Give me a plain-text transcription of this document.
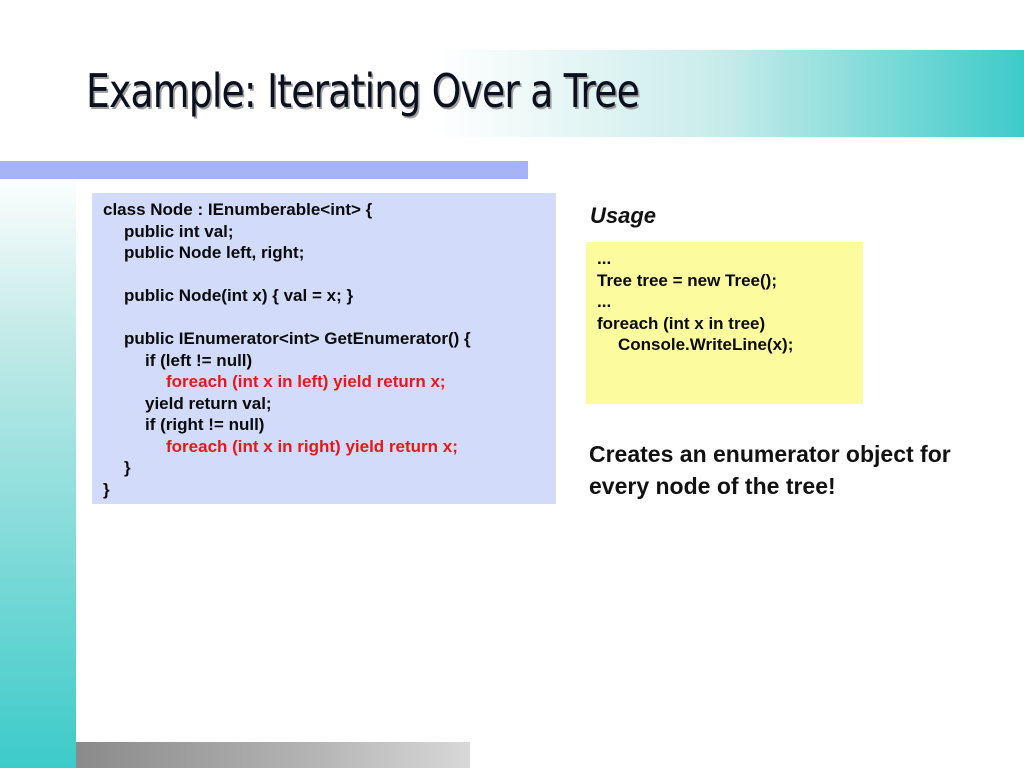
Example: Iterating Over a Tree
class Node : IEnumberable<int> {
public int val;
public Node left, right;
public Node(int x) { val = x; }
public IEnumerator<int> GetEnumerator() {
if (left != null)
foreach (int x in left) yield return x;
yield return val;
if (right != null)
foreach (int x in right) yield return x;
}
}
Usage
...
Tree tree = new Tree();
...
foreach (int x in tree)
Console.WriteLine(x);
Creates an enumerator object for every node of the tree!
